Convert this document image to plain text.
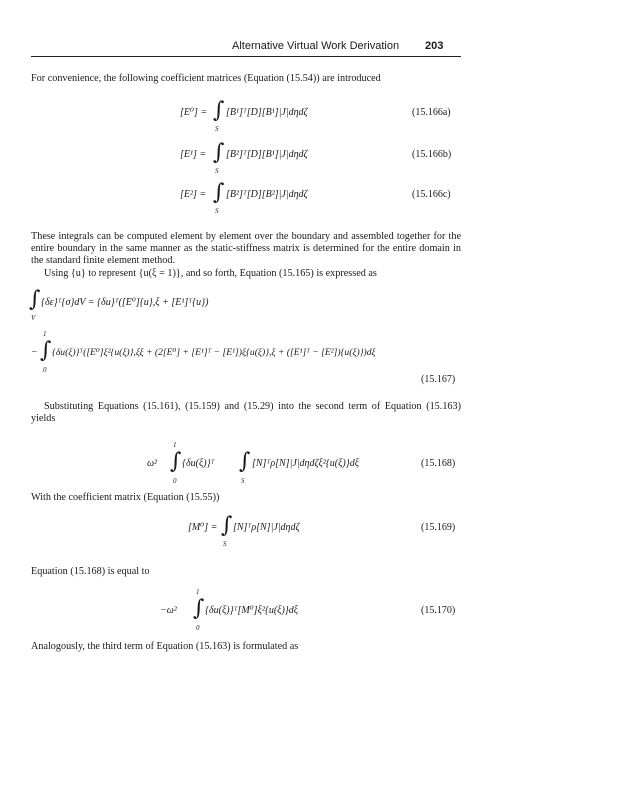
Alternative Virtual Work Derivation 203
For convenience, the following coefficient matrices (Equation (15.54)) are introduced
[E⁰] = ∫
S
[B¹]ᵀ[D][B¹]|J|dηdζ	(15.166a)
[E¹] = ∫
S
[B²]ᵀ[D][B¹]|J|dηdζ	(15.166b)
[E²] = ∫
S
[B²]ᵀ[D][B²]|J|dηdζ	(15.166c)
These integrals can be computed element by element over the boundary and assembled together for the entire boundary in the same manner as the static-stiffness matrix is determined for the entire domain in the standard finite element method.
Using {u} to represent {u(ξ = 1)}, and so forth, Equation (15.165) is expressed as
∫
V
{δε}ᵀ{σ}dV = {δu}ᵀ([E⁰]{u},ξ + [E¹]ᵀ{u})
−
1
∫
0
{δu(ξ)}ᵀ([E⁰]ξ²{u(ξ)},ξξ + (2[E⁰] + [E¹]ᵀ − [E¹])ξ{u(ξ)},ξ + ([E¹]ᵀ − [E²]){u(ξ)})dξ
(15.167)
Substituting Equations (15.161), (15.159) and (15.29) into the second term of Equation (15.163) yields
ω²
1
∫
0
{δu(ξ)}ᵀ ∫
S
[N]ᵀρ[N]|J|dηdζξ²{u(ξ)}dξ	(15.168)
With the coefficient matrix (Equation (15.55))
[M⁰] = ∫
S
[N]ᵀρ[N]|J|dηdζ	(15.169)
Equation (15.168) is equal to
−ω²
1
∫
0
{δu(ξ)}ᵀ[M⁰]ξ²{u(ξ)}dξ	(15.170)
Analogously, the third term of Equation (15.163) is formulated as
